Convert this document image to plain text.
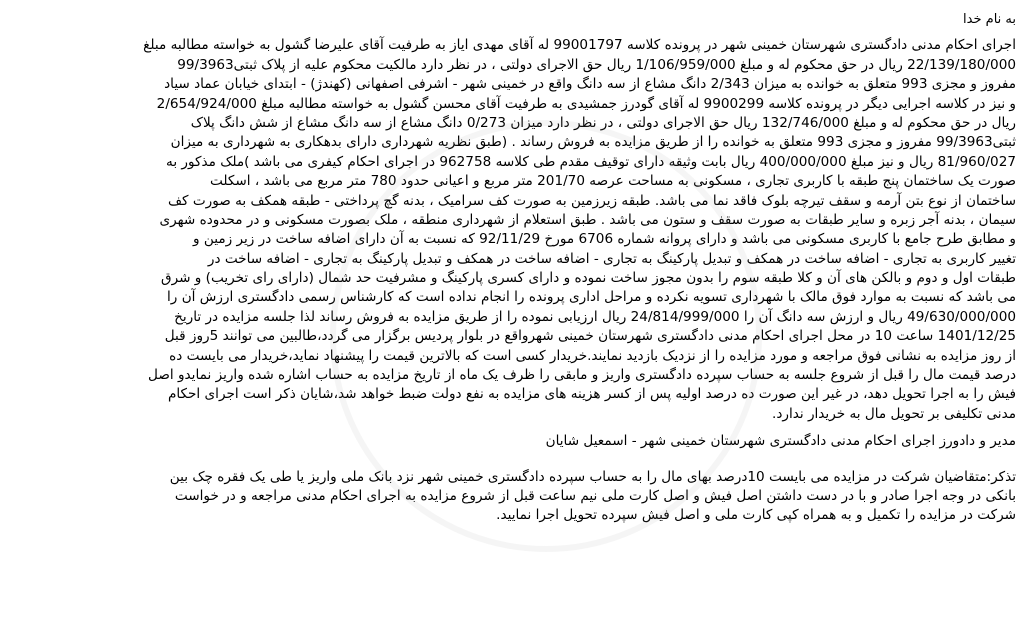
به نام خدا
اجرای احکام مدنی دادگستری شهرستان خمینی شهر در پرونده کلاسه 99001797 له آقای مهدی ایاز به طرفیت آقای علیرضا گشول به خواسته مطالبه مبلغ
22/139/180/000 ریال در حق محکوم له و مبلغ 1/106/959/000 ریال حق الاجرای دولتی ، در نظر دارد مالکیت محکوم علیه از پلاک ثبتی99/3963
مفروز و مجزی 993 متعلق به خوانده به میزان 2/343 دانگ مشاع از سه دانگ واقع در خمینی شهر - اشرفی اصفهانی (کهندژ) - ابتدای خیابان عماد سیاد
و نیز در کلاسه اجرایی دیگر در پرونده کلاسه 9900299 له آقای گودرز جمشیدی به طرفیت آقای محسن گشول به خواسته مطالبه مبلغ 2/654/924/000
ریال در حق محکوم له و مبلغ 132/746/000 ریال حق الاجرای دولتی ، در نظر دارد میزان 0/273 دانگ مشاع از سه دانگ مشاع از شش دانگ پلاک
ثبتی99/3963 مفروز و مجزی 993 متعلق به خوانده را از طریق مزایده به فروش رساند . (طبق نظریه شهرداری دارای بدهکاری به شهرداری به میزان
81/960/027 ریال و نیز مبلغ 400/000/000 ریال بابت وثیقه دارای توقیف مقدم طی کلاسه 962758 در اجرای احکام کیفری می باشد )ملک مذکور به
صورت یک ساختمان پنج طبقه با کاربری تجاری ، مسکونی به مساحت عرصه 201/70 متر مربع و اعیانی حدود 780 متر مربع می باشد ، اسکلت
ساختمان از نوع بتن آرمه و سقف تیرچه بلوک فاقد نما می باشد. طبقه زیرزمین به صورت کف سرامیک ، بدنه گچ پرداختی - طبقه همکف به صورت کف
سیمان ، بدنه آجر زبره و سایر طبقات به صورت سقف و ستون می باشد . طبق استعلام از شهرداری منطقه ، ملک بصورت مسکونی و در محدوده شهری
و مطابق طرح جامع با کاربری مسکونی می باشد و دارای پروانه شماره 6706 مورخ 92/11/29 که نسبت به آن دارای اضافه ساخت در زیر زمین و
تغییر کاربری به تجاری - اضافه ساخت در همکف و تبدیل پارکینگ به تجاری - اضافه ساخت در همکف و تبدیل پارکینگ به تجاری - اضافه ساخت در
طبقات اول و دوم و بالکن های آن و کلا طبقه سوم را بدون مجوز ساخت نموده و دارای کسری پارکینگ و مشرفیت حد شمال (دارای رای تخریب) و شرق
می باشد که نسبت به موارد فوق مالک با شهرداری تسویه نکرده و مراحل اداری پرونده را انجام نداده است که کارشناس رسمی دادگستری ارزش آن را
49/630/000/000 ریال و ارزش سه دانگ آن را 24/814/999/000 ریال ارزیابی نموده را از طریق مزایده به فروش رساند لذا جلسه مزایده در تاریخ
1401/12/25 ساعت 10 در محل اجرای احکام مدنی دادگستری شهرستان خمینی شهرواقع در بلوار پردیس برگزار می گردد،طالبین می توانند 5روز قبل
از روز مزایده به نشانی فوق مراجعه و مورد مزایده را از نزدیک بازدید نمایند.خریدار کسی است که بالاترین قیمت را پیشنهاد نماید،خریدار می بایست ده
درصد قیمت مال را قبل از شروع جلسه به حساب سپرده دادگستری واریز و مابقی را ظرف یک ماه از تاریخ مزایده به حساب اشاره شده واریز نمایدو اصل
فیش را به اجرا تحویل دهد، در غیر این صورت ده درصد اولیه پس از کسر هزینه های مزایده به نفع دولت ضبط خواهد شد،شایان ذکر است اجرای احکام
مدنی تکلیفی بر تحویل مال به خریدار ندارد.
مدیر و دادورز اجرای احکام مدنی دادگستری شهرستان خمینی شهر - اسمعیل شایان
تذکر:متقاضیان شرکت در مزایده می بایست 10درصد بهای مال را به حساب سپرده دادگستری خمینی شهر نزد بانک ملی واریز یا طی یک فقره چک بین
بانکی در وجه اجرا صادر و با در دست داشتن اصل فیش و اصل کارت ملی نیم ساعت قبل از شروع مزایده به اجرای احکام مدنی مراجعه و در خواست
شرکت در مزایده را تکمیل و به همراه کپی کارت ملی و اصل فیش سپرده تحویل اجرا نمایید.
